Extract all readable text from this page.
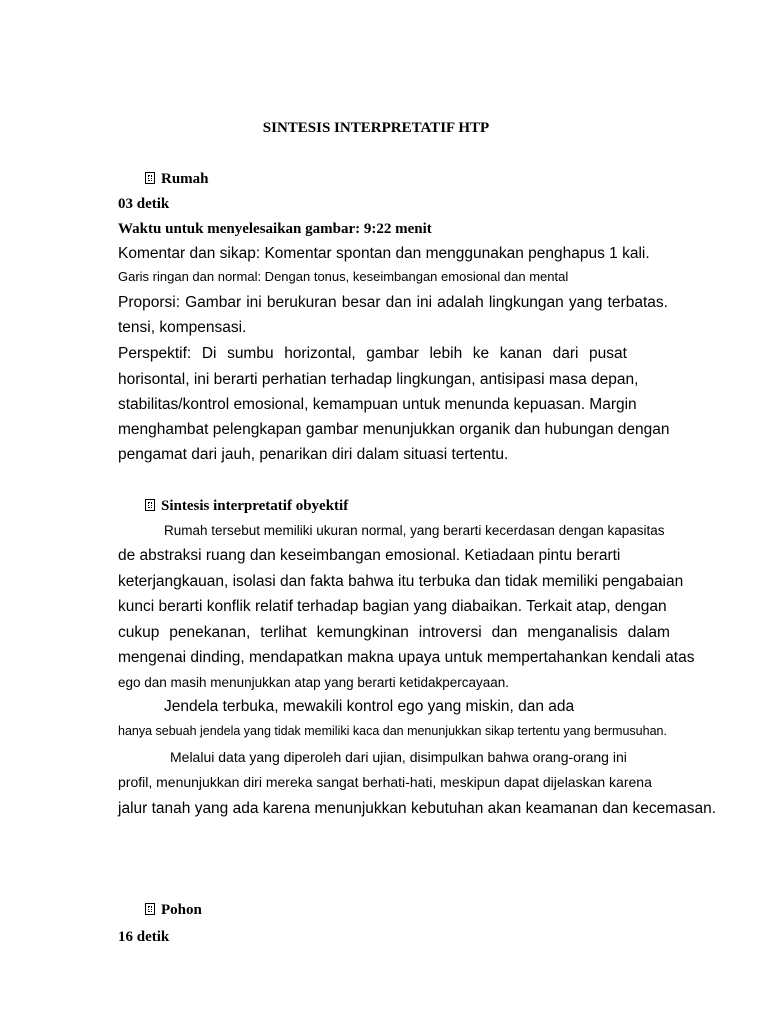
SINTESIS INTERPRETATIF HTP
Rumah
03 detik
Waktu untuk menyelesaikan gambar: 9:22 menit
Komentar dan sikap: Komentar spontan dan menggunakan penghapus 1 kali.
Garis ringan dan normal: Dengan tonus, keseimbangan emosional dan mental
Proporsi: Gambar ini berukuran besar dan ini adalah lingkungan yang terbatas.
tensi, kompensasi.
Perspektif: Di sumbu horizontal, gambar lebih ke kanan dari pusat
horisontal, ini berarti perhatian terhadap lingkungan, antisipasi masa depan,
stabilitas/kontrol emosional, kemampuan untuk menunda kepuasan. Margin
menghambat pelengkapan gambar menunjukkan organik dan hubungan dengan
pengamat dari jauh, penarikan diri dalam situasi tertentu.
Sintesis interpretatif obyektif
Rumah tersebut memiliki ukuran normal, yang berarti kecerdasan dengan kapasitas
de abstraksi ruang dan keseimbangan emosional. Ketiadaan pintu berarti
keterjangkauan, isolasi dan fakta bahwa itu terbuka dan tidak memiliki pengabaian
kunci berarti konflik relatif terhadap bagian yang diabaikan. Terkait atap, dengan
cukup penekanan, terlihat kemungkinan introversi dan menganalisis dalam
mengenai dinding, mendapatkan makna upaya untuk mempertahankan kendali atas
ego dan masih menunjukkan atap yang berarti ketidakpercayaan.
Jendela terbuka, mewakili kontrol ego yang miskin, dan ada
hanya sebuah jendela yang tidak memiliki kaca dan menunjukkan sikap tertentu yang bermusuhan.
Melalui data yang diperoleh dari ujian, disimpulkan bahwa orang-orang ini
profil, menunjukkan diri mereka sangat berhati-hati, meskipun dapat dijelaskan karena
jalur tanah yang ada karena menunjukkan kebutuhan akan keamanan dan kecemasan.
Pohon
16 detik
